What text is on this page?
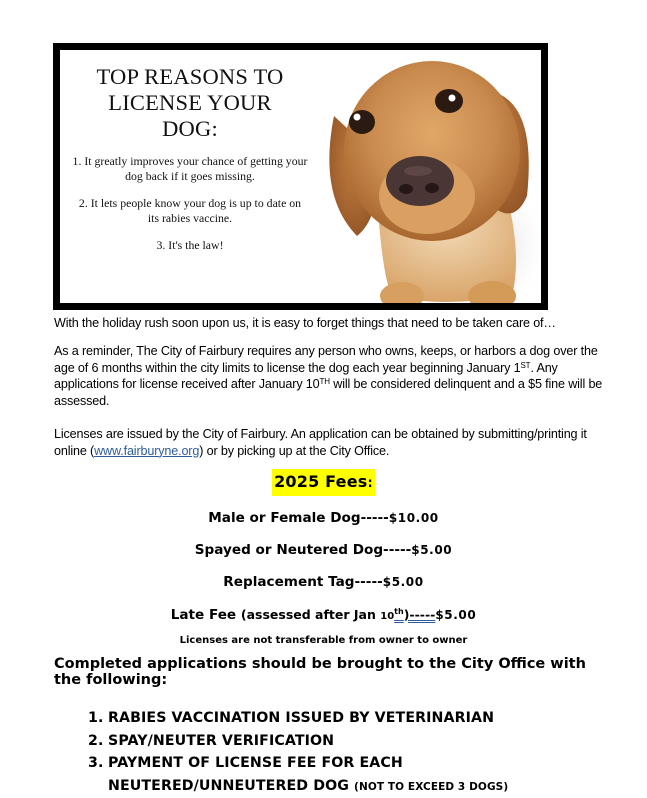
TOP REASONS TO
LICENSE YOUR
DOG:

1. It greatly improves your chance of getting your dog back if it goes missing.

2. It lets people know your dog is up to date on its rabies vaccine.

3. It's the law!

With the holiday rush soon upon us, it is easy to forget things that need to be taken care of…

As a reminder, The City of Fairbury requires any person who owns, keeps, or harbors a dog over the age of 6 months within the city limits to license the dog each year beginning January 1ST. Any applications for license received after January 10TH will be considered delinquent and a $5 fine will be assessed.

Licenses are issued by the City of Fairbury. An application can be obtained by submitting/printing it online (www.fairburyne.org) or by picking up at the City Office.

2025 Fees:
Male or Female Dog-----$10.00
Spayed or Neutered Dog-----$5.00
Replacement Tag-----$5.00
Late Fee (assessed after Jan 10th)-----$5.00
Licenses are not transferable from owner to owner
Completed applications should be brought to the City Office with the following:
1. RABIES VACCINATION ISSUED BY VETERINARIAN
2. SPAY/NEUTER VERIFICATION
3. PAYMENT OF LICENSE FEE FOR EACH NEUTERED/UNNEUTERED DOG (NOT TO EXCEED 3 DOGS)
